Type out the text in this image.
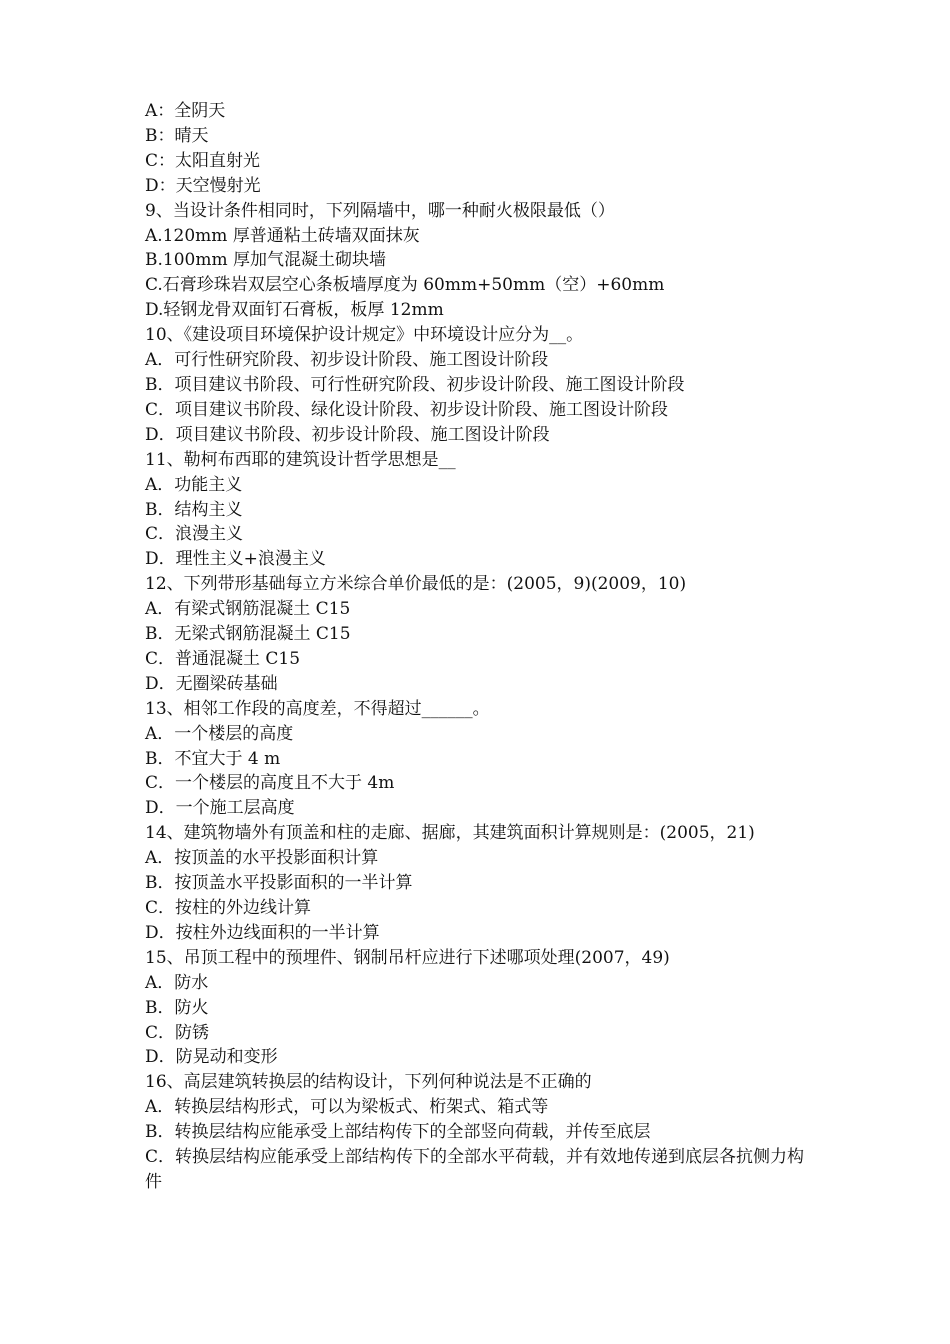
A：全阴天

B：晴天

C：太阳直射光

D：天空慢射光

9、当设计条件相同时，下列隔墙中，哪一种耐火极限最低（）

A.120mm 厚普通粘土砖墙双面抹灰

B.100mm 厚加气混凝土砌块墙

C.石膏珍珠岩双层空心条板墙厚度为 60mm+50mm（空）+60mm

D.轻钢龙骨双面钉石膏板，板厚 12mm

10、《建设项目环境保护设计规定》中环境设计应分为__。

A．可行性研究阶段、初步设计阶段、施工图设计阶段

B．项目建议书阶段、可行性研究阶段、初步设计阶段、施工图设计阶段

C．项目建议书阶段、绿化设计阶段、初步设计阶段、施工图设计阶段

D．项目建议书阶段、初步设计阶段、施工图设计阶段

11、勒柯布西耶的建筑设计哲学思想是__

A．功能主义

B．结构主义

C．浪漫主义

D．理性主义+浪漫主义

12、下列带形基础每立方米综合单价最低的是：(2005，9)(2009，10)

A．有梁式钢筋混凝土 C15

B．无梁式钢筋混凝土 C15

C．普通混凝土 C15

D．无圈梁砖基础

13、相邻工作段的高度差，不得超过______。

A．一个楼层的高度

B．不宜大于 4 m

C．一个楼层的高度且不大于 4m

D．一个施工层高度

14、建筑物墙外有顶盖和柱的走廊、据廊，其建筑面积计算规则是：(2005，21)

A．按顶盖的水平投影面积计算

B．按顶盖水平投影面积的一半计算

C．按柱的外边线计算

D．按柱外边线面积的一半计算

15、吊顶工程中的预埋件、钢制吊杆应进行下述哪项处理(2007，49)

A．防水

B．防火

C．防锈

D．防晃动和变形

16、高层建筑转换层的结构设计，下列何种说法是不正确的

A．转换层结构形式，可以为梁板式、桁架式、箱式等

B．转换层结构应能承受上部结构传下的全部竖向荷载，并传至底层

C．转换层结构应能承受上部结构传下的全部水平荷载，并有效地传递到底层各抗侧力构件
